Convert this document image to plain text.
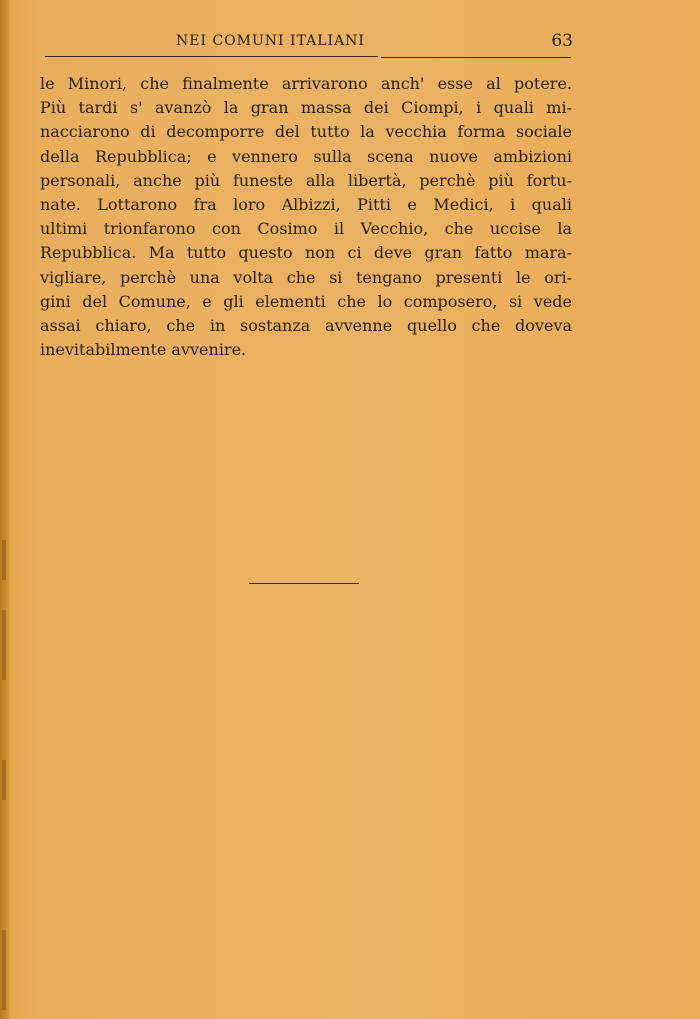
NEI COMUNI ITALIANI	63
le Minori, che finalmente arrivarono anch' esse al potere.
Più tardi s' avanzò la gran massa dei Ciompi, i quali mi-
nacciarono di decomporre del tutto la vecchia forma sociale
della Repubblica; e vennero sulla scena nuove ambizioni
personali, anche più funeste alla libertà, perchè più fortu-
nate. Lottarono fra loro Albizzi, Pitti e Medici, i quali
ultimi trionfarono con Cosimo il Vecchio, che uccise la
Repubblica. Ma tutto questo non ci deve gran fatto mara-
vigliare, perchè una volta che si tengano presenti le ori-
gini del Comune, e gli elementi che lo composero, si vede
assai chiaro, che in sostanza avvenne quello che doveva
inevitabilmente avvenire.
